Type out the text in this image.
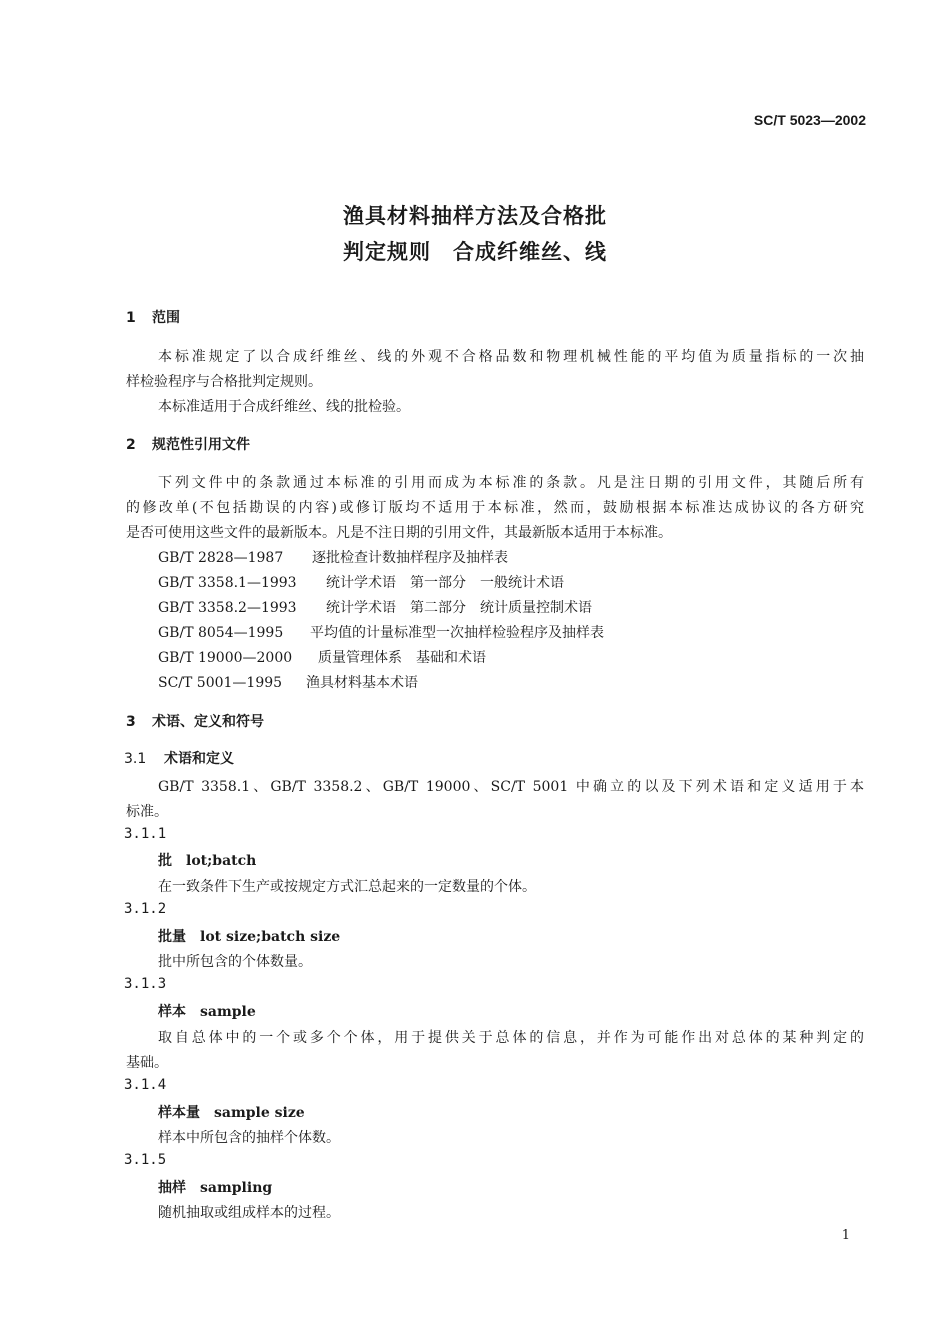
SC/T 5023—2002
渔具材料抽样方法及合格批
判定规则　合成纤维丝、线
1 范围
本标准规定了以合成纤维丝、线的外观不合格品数和物理机械性能的平均值为质量指标的一次抽
样检验程序与合格批判定规则。
本标准适用于合成纤维丝、线的批检验。
2 规范性引用文件
下列文件中的条款通过本标准的引用而成为本标准的条款。凡是注日期的引用文件，其随后所有
的修改单(不包括勘误的内容)或修订版均不适用于本标准，然而，鼓励根据本标准达成协议的各方研究
是否可使用这些文件的最新版本。凡是不注日期的引用文件，其最新版本适用于本标准。
GB/T 2828—1987 逐批检查计数抽样程序及抽样表
GB/T 3358.1—1993 统计学术语　第一部分　一般统计术语
GB/T 3358.2—1993 统计学术语　第二部分　统计质量控制术语
GB/T 8054—1995 平均值的计量标准型一次抽样检验程序及抽样表
GB/T 19000—2000 质量管理体系　基础和术语
SC/T 5001—1995 渔具材料基本术语
3 术语、定义和符号
3.1 术语和定义
GB/T 3358.1、GB/T 3358.2、GB/T 19000、SC/T 5001 中确立的以及下列术语和定义适用于本
标准。
3.1.1
批 lot;batch
在一致条件下生产或按规定方式汇总起来的一定数量的个体。
3.1.2
批量 lot size;batch size
批中所包含的个体数量。
3.1.3
样本 sample
取自总体中的一个或多个个体，用于提供关于总体的信息，并作为可能作出对总体的某种判定的
基础。
3.1.4
样本量 sample size
样本中所包含的抽样个体数。
3.1.5
抽样 sampling
随机抽取或组成样本的过程。
1
